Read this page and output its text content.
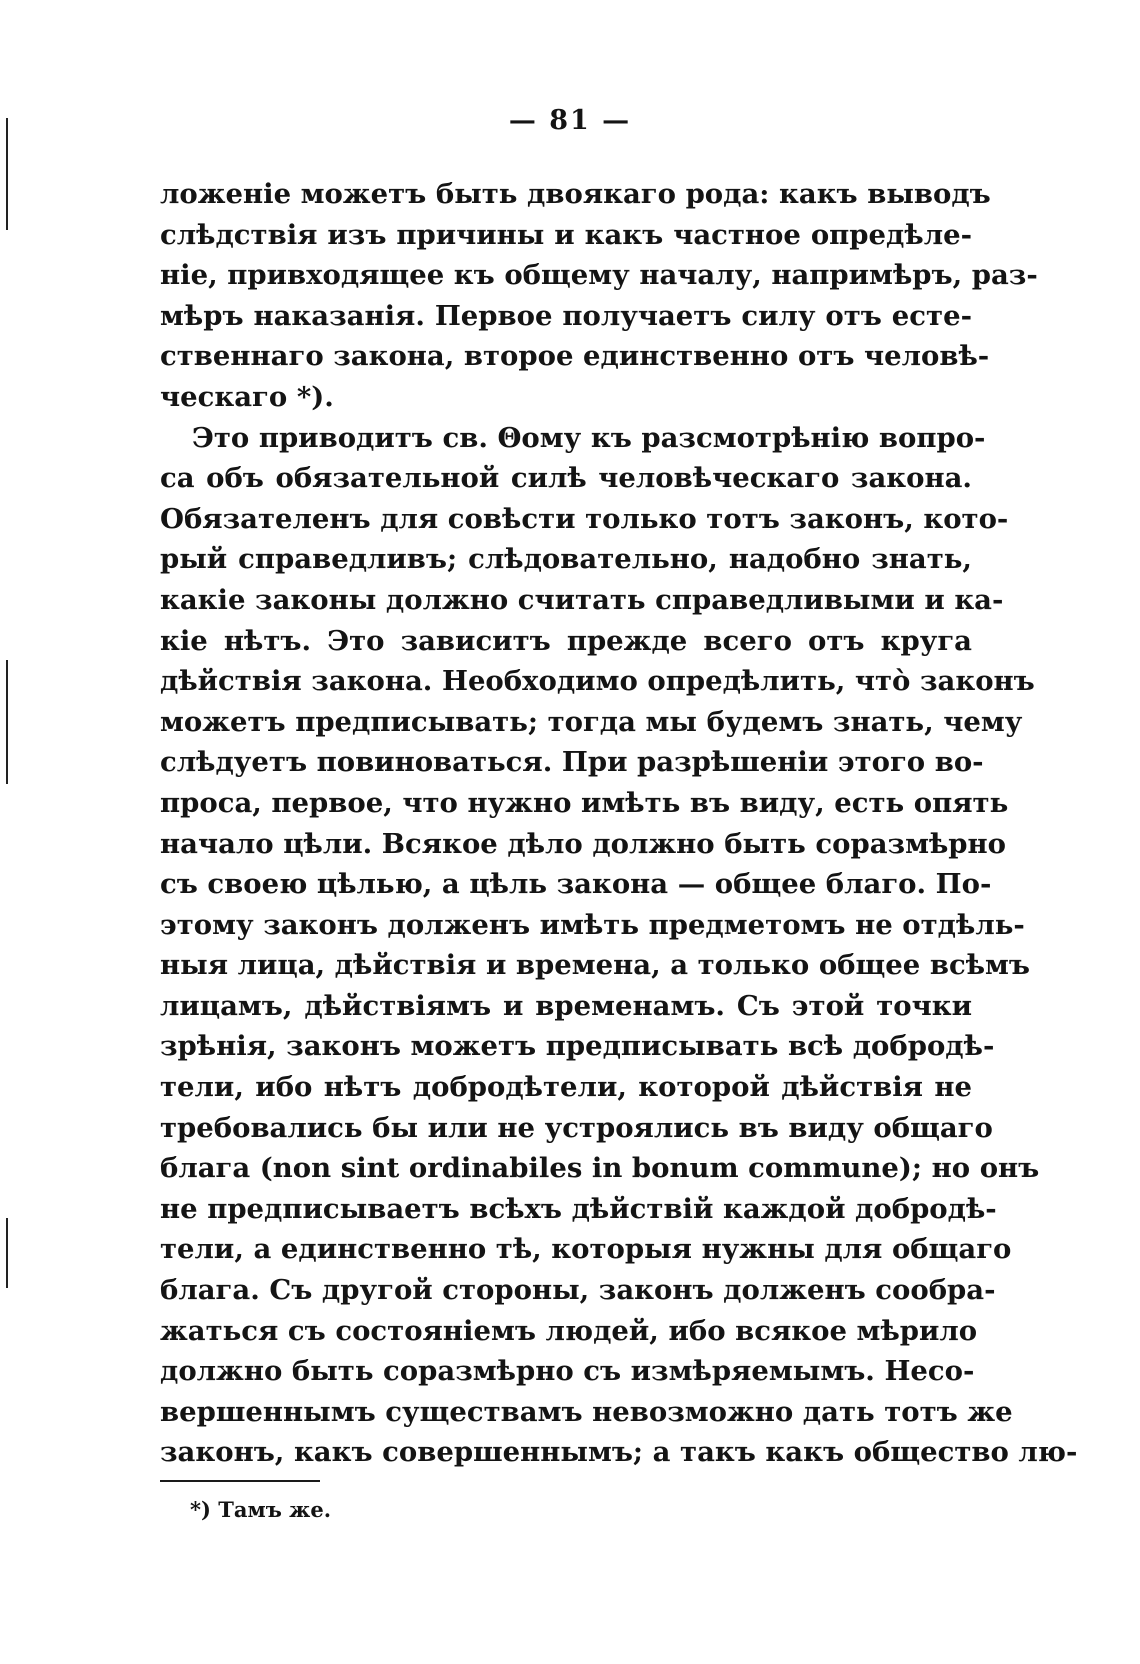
— 81 —
ложеніе можетъ быть двоякаго рода: какъ выводъ
слѣдствія изъ причины и какъ частное опредѣле-
ніе, привходящее къ общему началу, напримѣръ, раз-
мѣръ наказанія. Первое получаетъ силу отъ есте-
ственнаго закона, второе единственно отъ человѣ-
ческаго *).
Это приводитъ св. Θому къ разсмотрѣнію вопро-
са объ обязательной силѣ человѣческаго закона.
Обязателенъ для совѣсти только тотъ законъ, кото-
рый справедливъ; слѣдовательно, надобно знать,
какіе законы должно считать справедливыми и ка-
кіе нѣтъ. Это зависитъ прежде всего отъ круга
дѣйствія закона. Необходимо опредѣлить, чтò законъ
можетъ предписывать; тогда мы будемъ знать, чему
слѣдуетъ повиноваться. При разрѣшеніи этого во-
проса, первое, что нужно имѣть въ виду, есть опять
начало цѣли. Всякое дѣло должно быть соразмѣрно
съ своею цѣлью, а цѣль закона — общее благо. По-
этому законъ долженъ имѣть предметомъ не отдѣль-
ныя лица, дѣйствія и времена, а только общее всѣмъ
лицамъ, дѣйствіямъ и временамъ. Съ этой точки
зрѣнія, законъ можетъ предписывать всѣ добродѣ-
тели, ибо нѣтъ добродѣтели, которой дѣйствія не
требовались бы или не устроялись въ виду общаго
блага (non sint ordinabiles in bonum commune); но онъ
не предписываетъ всѣхъ дѣйствій каждой добродѣ-
тели, а единственно тѣ, которыя нужны для общаго
блага. Съ другой стороны, законъ долженъ сообра-
жаться съ состояніемъ людей, ибо всякое мѣрило
должно быть соразмѣрно съ измѣряемымъ. Несо-
вершеннымъ существамъ невозможно дать тотъ же
законъ, какъ совершеннымъ; а такъ какъ общество лю-
*) Тамъ же.
